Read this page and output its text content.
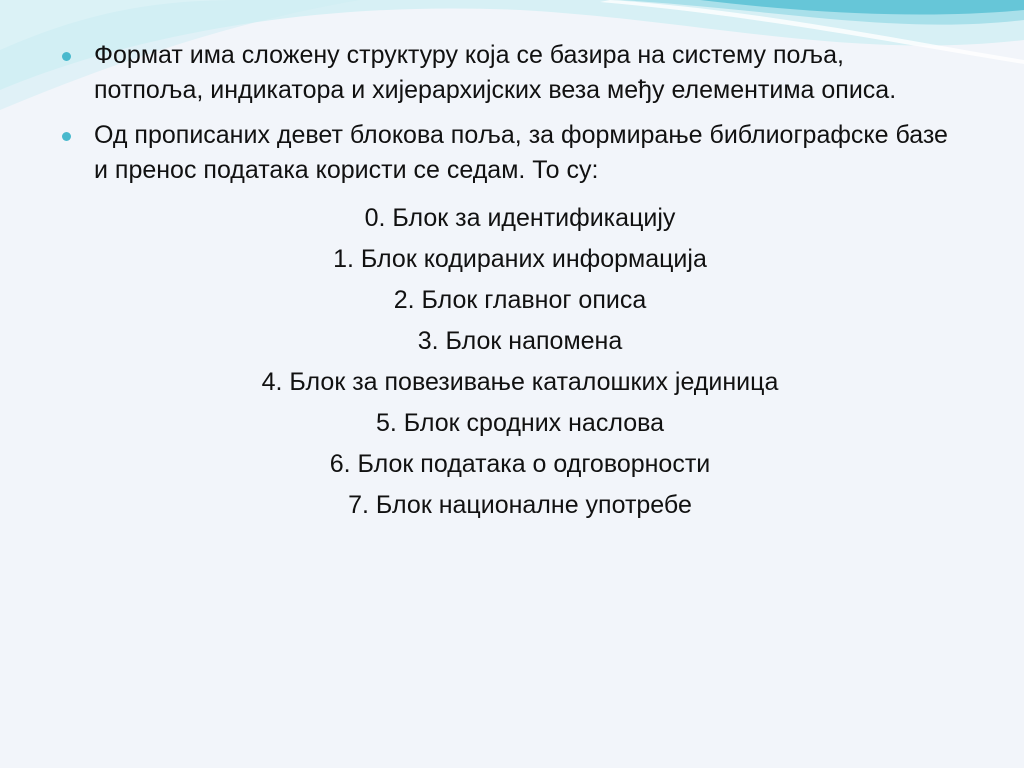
Формат има сложену структуру која се базира на систему поља, потпоља, индикатора и хијерархијских веза међу елементима описа.
Од прописаних девет блокова поља, за формирање библиографске базе и пренос података користи се седам. То су:
0. Блок за идентификацију
1. Блок кодираних информација
2. Блок главног описа
3. Блок напомена
4. Блок за повезивање каталошких јединица
5. Блок сродних наслова
6. Блок података о одговорности
7. Блок националне употребе
